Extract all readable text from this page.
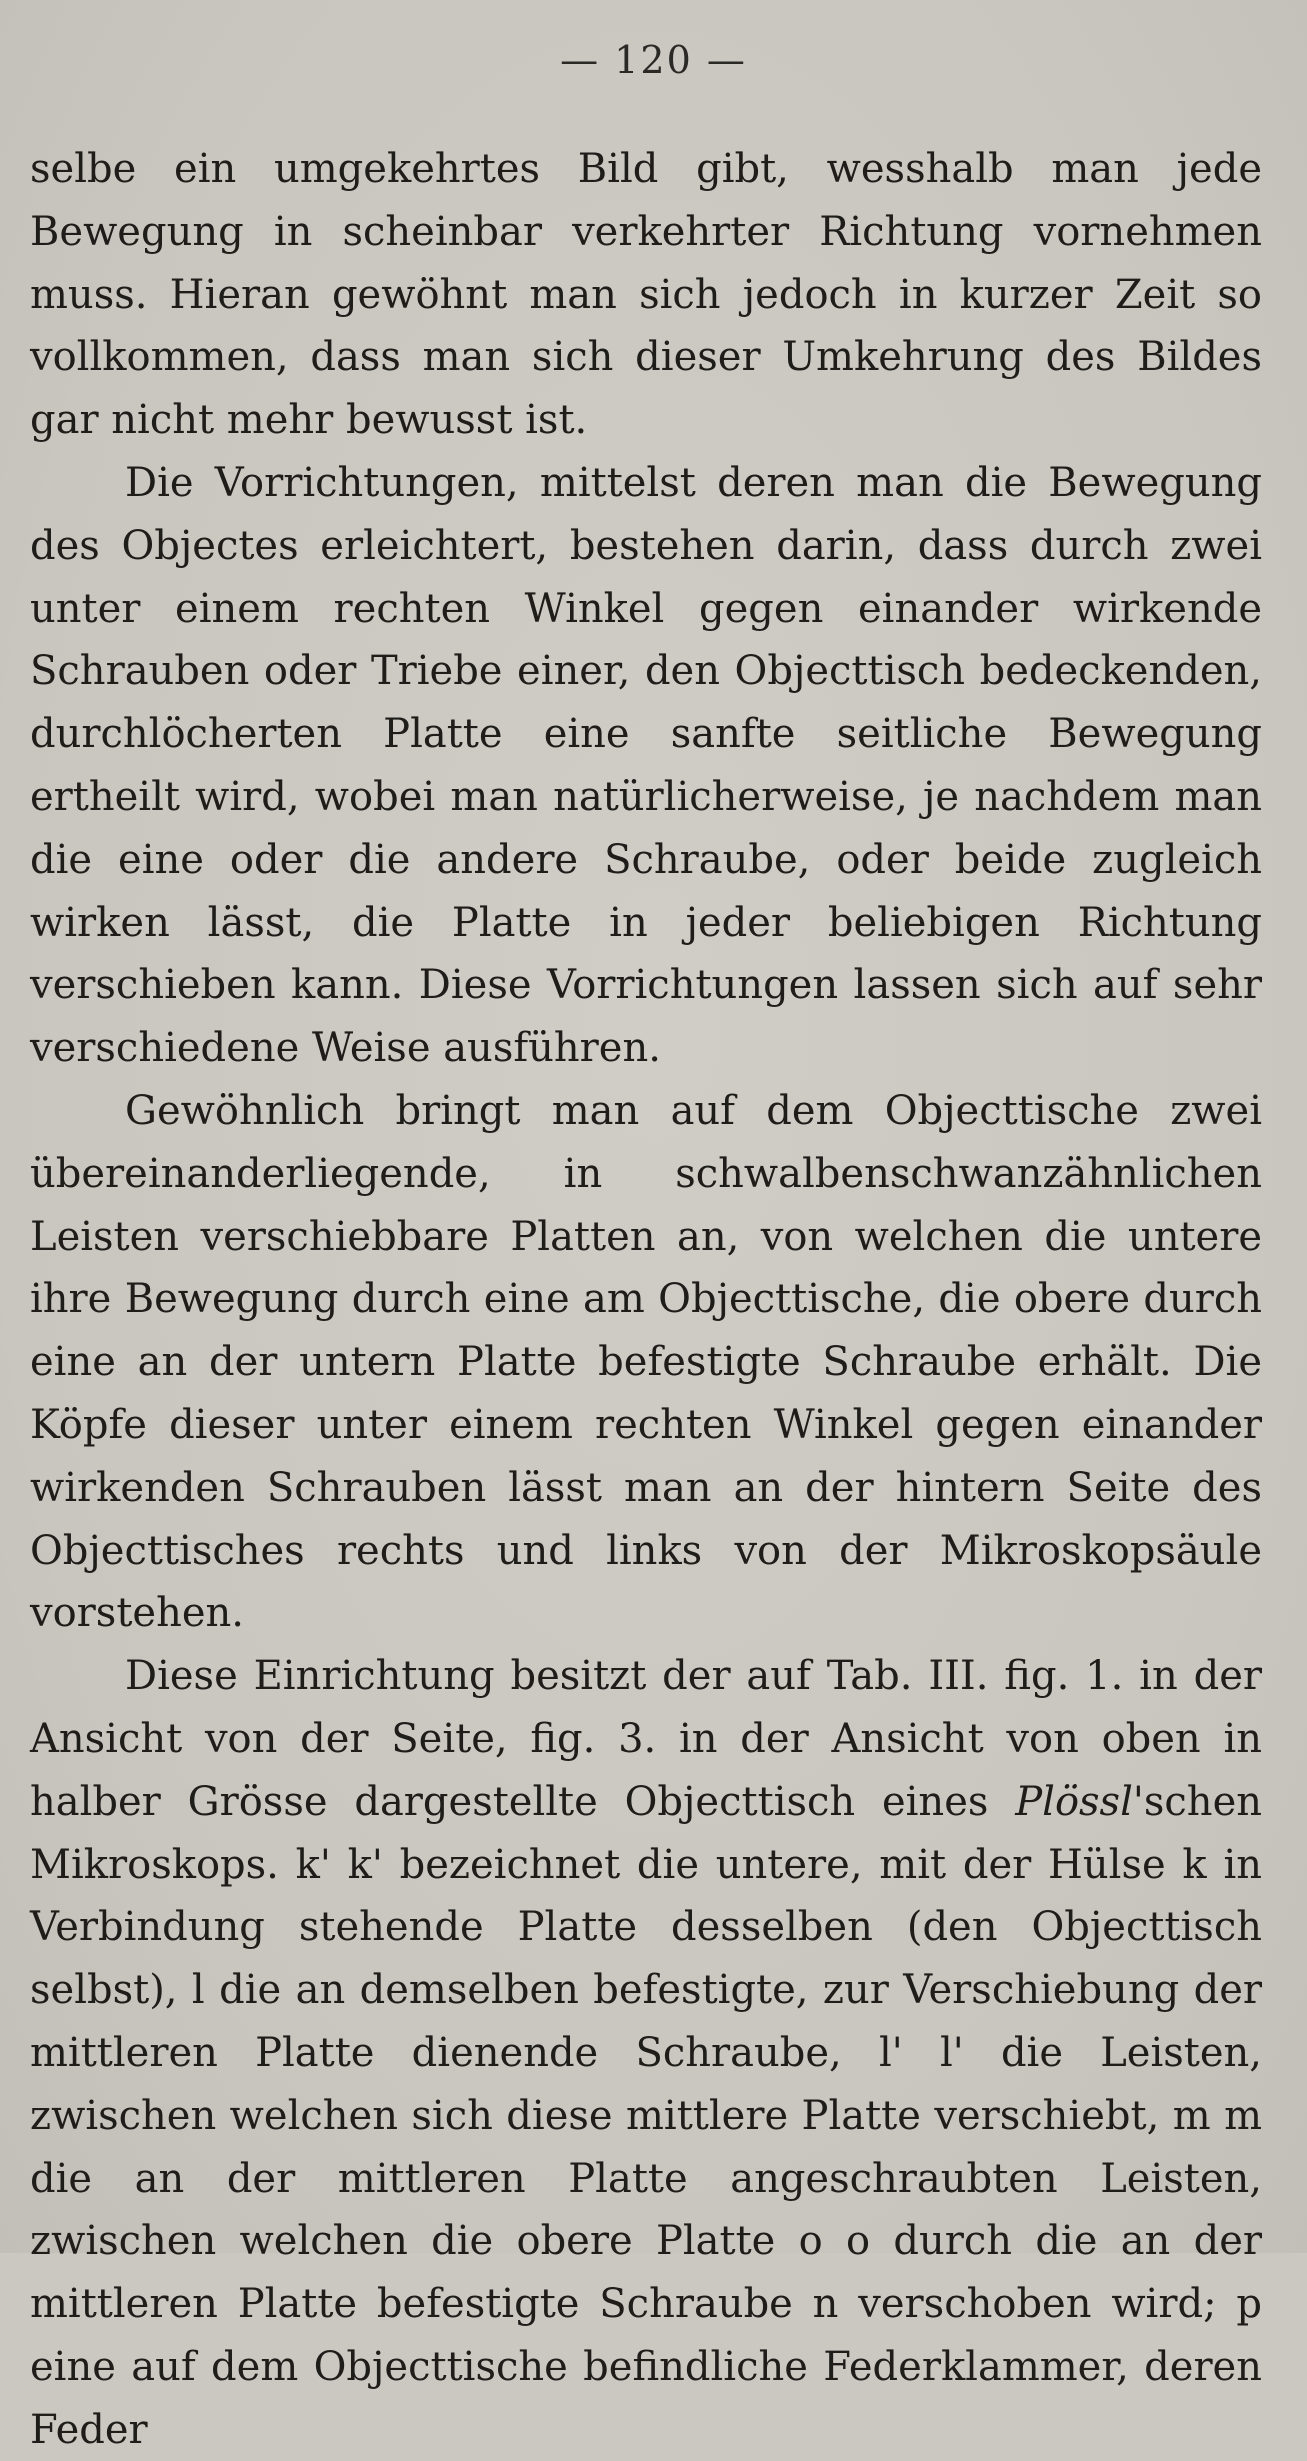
— 120 —

selbe ein umgekehrtes Bild gibt, wesshalb man jede Bewegung in scheinbar verkehrter Richtung vornehmen muss. Hieran gewöhnt man sich jedoch in kurzer Zeit so vollkommen, dass man sich dieser Umkehrung des Bildes gar nicht mehr bewusst ist.

Die Vorrichtungen, mittelst deren man die Bewegung des Objectes erleichtert, bestehen darin, dass durch zwei unter einem rechten Winkel gegen einander wirkende Schrauben oder Triebe einer, den Objecttisch bedeckenden, durchlöcherten Platte eine sanfte seitliche Bewegung ertheilt wird, wobei man natürlicherweise, je nachdem man die eine oder die andere Schraube, oder beide zugleich wirken lässt, die Platte in jeder beliebigen Richtung verschieben kann. Diese Vorrichtungen lassen sich auf sehr verschiedene Weise ausführen.

Gewöhnlich bringt man auf dem Objecttische zwei übereinanderliegende, in schwalbenschwanzähnlichen Leisten verschiebbare Platten an, von welchen die untere ihre Bewegung durch eine am Objecttische, die obere durch eine an der untern Platte befestigte Schraube erhält. Die Köpfe dieser unter einem rechten Winkel gegen einander wirkenden Schrauben lässt man an der hintern Seite des Objecttisches rechts und links von der Mikroskopsäule vorstehen.

Diese Einrichtung besitzt der auf Tab. III. fig. 1. in der Ansicht von der Seite, fig. 3. in der Ansicht von oben in halber Grösse dargestellte Objecttisch eines Plössl'schen Mikroskops. k' k' bezeichnet die untere, mit der Hülse k in Verbindung stehende Platte desselben (den Objecttisch selbst), l die an demselben befestigte, zur Verschiebung der mittleren Platte dienende Schraube, l' l' die Leisten, zwischen welchen sich diese mittlere Platte verschiebt, m m die an der mittleren Platte angeschraubten Leisten, zwischen welchen die obere Platte o o durch die an der mittleren Platte befestigte Schraube n verschoben wird; p eine auf dem Objecttische befindliche Federklammer, deren Feder
